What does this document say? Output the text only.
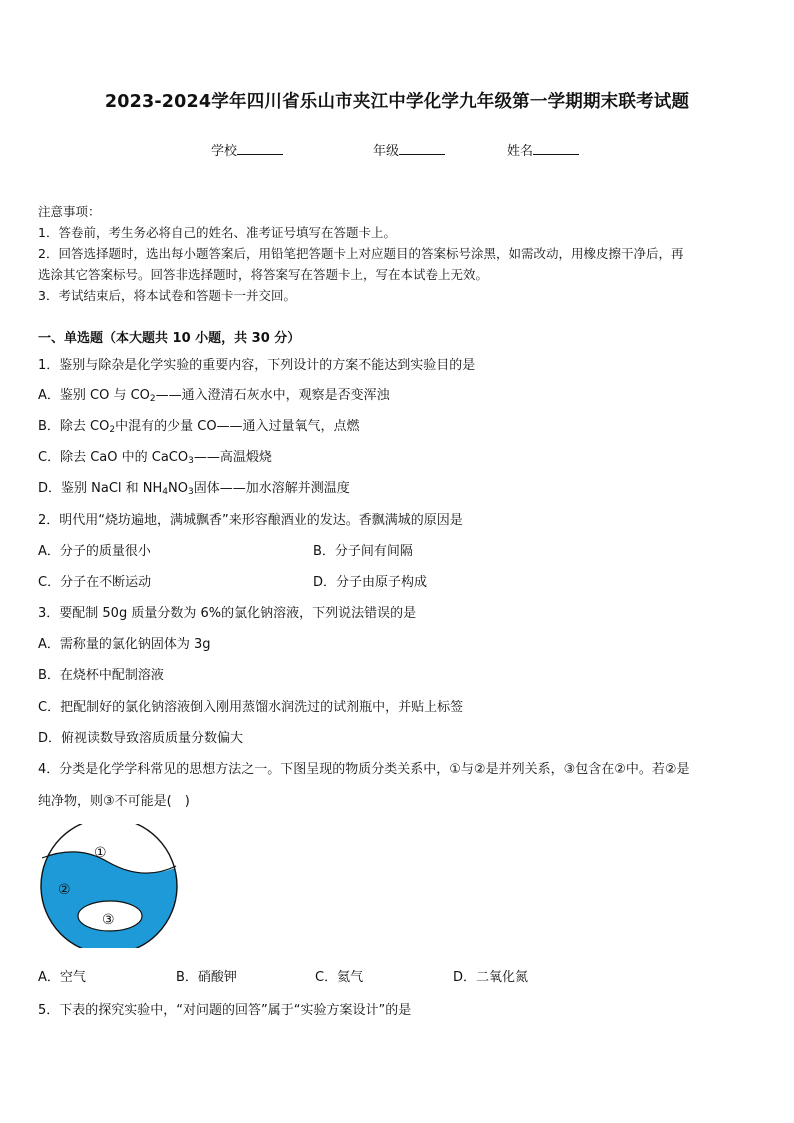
2023-2024学年四川省乐山市夹江中学化学九年级第一学期期末联考试题
学校	年级	姓名
注意事项：
1．答卷前，考生务必将自己的姓名、准考证号填写在答题卡上。
2．回答选择题时，选出每小题答案后，用铅笔把答题卡上对应题目的答案标号涂黑，如需改动，用橡皮擦干净后，再
选涂其它答案标号。回答非选择题时，将答案写在答题卡上，写在本试卷上无效。
3．考试结束后，将本试卷和答题卡一并交回。
一、单选题（本大题共 10 小题，共 30 分）
1．鉴别与除杂是化学实验的重要内容，下列设计的方案不能达到实验目的是
A．鉴别 CO 与 $CO_2——$通入澄清石灰水中，观察是否变浑浊
B．除去 $CO_2$中混有的少量 CO——通入过量氧气，点燃
C．除去 CaO 中的 CaCO$_3$——高温煅烧
D．鉴别 NaCl 和 $NH_4NO_3$固体——加水溶解并测温度
2．明代用“烧坊遍地，满城飘香”来形容酿酒业的发达。香飘满城的原因是
A．分子的质量很小	B．分子间有间隔
C．分子在不断运动	D．分子由原子构成
3．要配制 50g 质量分数为 6%的氯化钠溶液，下列说法错误的是
A．需称量的氯化钠固体为 3g
B．在烧杯中配制溶液
C．把配制好的氯化钠溶液倒入刚用蒸馏水润洗过的试剂瓶中，并贴上标签
D．俯视读数导致溶质质量分数偏大
4．分类是化学学科常见的思想方法之一。下图呈现的物质分类关系中，①与②是并列关系，③包含在②中。若②是
纯净物，则③不可能是(　)
①
②
③
A．空气	B．硝酸钾	C．氦气	D．二氧化氮
5．下表的探究实验中，“对问题的回答”属于“实验方案设计”的是
